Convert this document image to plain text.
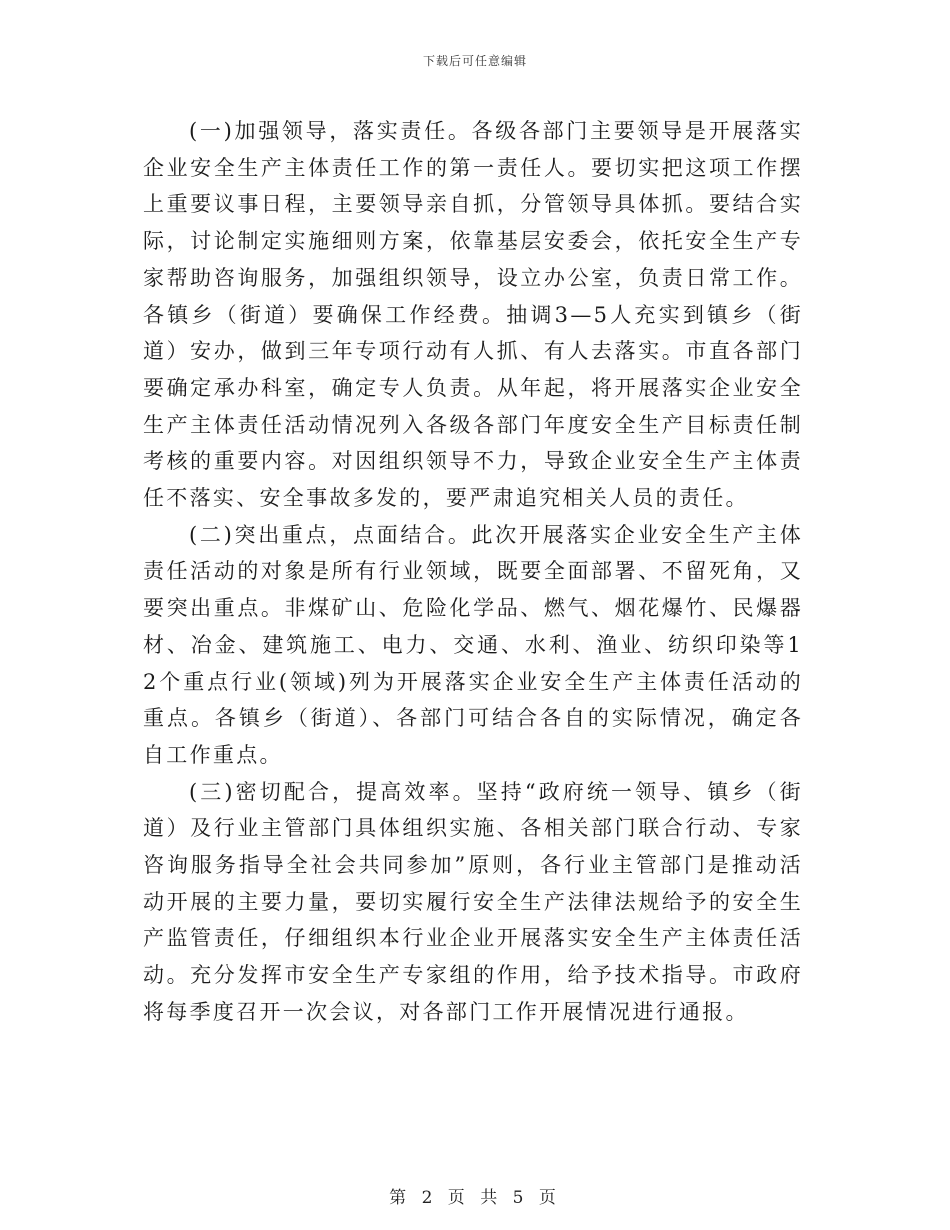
下载后可任意编辑

(一)加强领导，落实责任。各级各部门主要领导是开展落实企业安全生产主体责任工作的第一责任人。要切实把这项工作摆上重要议事日程，主要领导亲自抓，分管领导具体抓。要结合实际，讨论制定实施细则方案，依靠基层安委会，依托安全生产专家帮助咨询服务，加强组织领导，设立办公室，负责日常工作。各镇乡（街道）要确保工作经费。抽调3—5人充实到镇乡（街道）安办，做到三年专项行动有人抓、有人去落实。市直各部门要确定承办科室，确定专人负责。从年起，将开展落实企业安全生产主体责任活动情况列入各级各部门年度安全生产目标责任制考核的重要内容。对因组织领导不力，导致企业安全生产主体责任不落实、安全事故多发的，要严肃追究相关人员的责任。

(二)突出重点，点面结合。此次开展落实企业安全生产主体责任活动的对象是所有行业领域，既要全面部署、不留死角，又要突出重点。非煤矿山、危险化学品、燃气、烟花爆竹、民爆器材、冶金、建筑施工、电力、交通、水利、渔业、纺织印染等12个重点行业(领域)列为开展落实企业安全生产主体责任活动的重点。各镇乡（街道）、各部门可结合各自的实际情况，确定各自工作重点。

(三)密切配合，提高效率。坚持“政府统一领导、镇乡（街道）及行业主管部门具体组织实施、各相关部门联合行动、专家咨询服务指导全社会共同参加”原则，各行业主管部门是推动活动开展的主要力量，要切实履行安全生产法律法规给予的安全生产监管责任，仔细组织本行业企业开展落实安全生产主体责任活动。充分发挥市安全生产专家组的作用，给予技术指导。市政府将每季度召开一次会议，对各部门工作开展情况进行通报。

第 2 页 共 5 页
